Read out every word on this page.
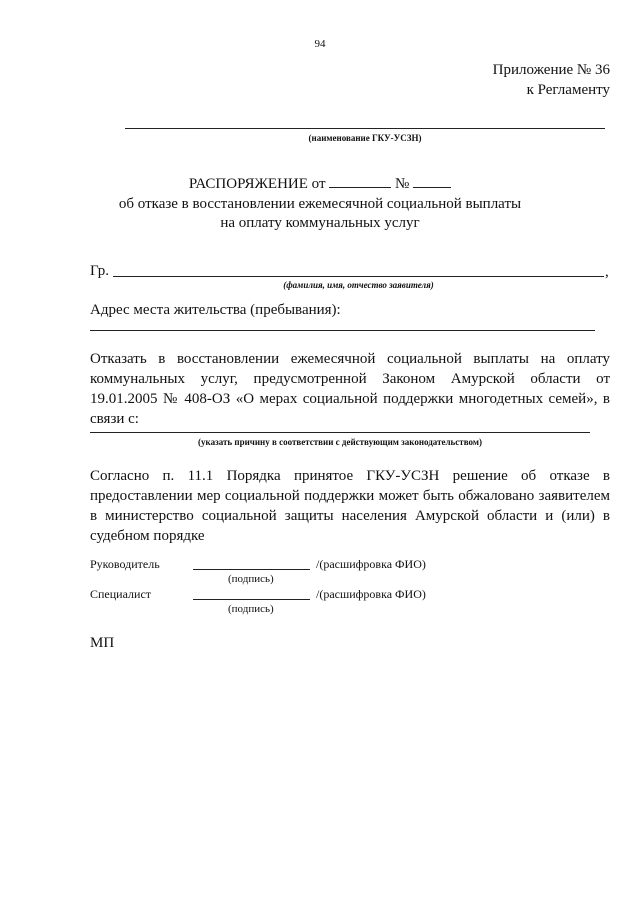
94
Приложение № 36
к Регламенту
(наименование ГКУ-УСЗН)
РАСПОРЯЖЕНИЕ от	№
об отказе в восстановлении ежемесячной социальной выплаты
на оплату коммунальных услуг
Гр.	,
(фамилия, имя, отчество заявителя)
Адрес места жительства (пребывания):
Отказать в восстановлении ежемесячной социальной выплаты на оплату коммунальных услуг, предусмотренной Законом Амурской области от 19.01.2005 № 408-ОЗ «О мерах социальной поддержки многодетных семей», в связи с:
(указать причину в соответствии с действующим законодательством)
Согласно п. 11.1 Порядка принятое ГКУ-УСЗН решение об отказе в предоставлении мер социальной поддержки может быть обжаловано заявителем в министерство социальной защиты населения Амурской области и (или) в судебном порядке
Руководитель	/(расшифровка ФИО)
(подпись)
Специалист	/(расшифровка ФИО)
(подпись)
МП
